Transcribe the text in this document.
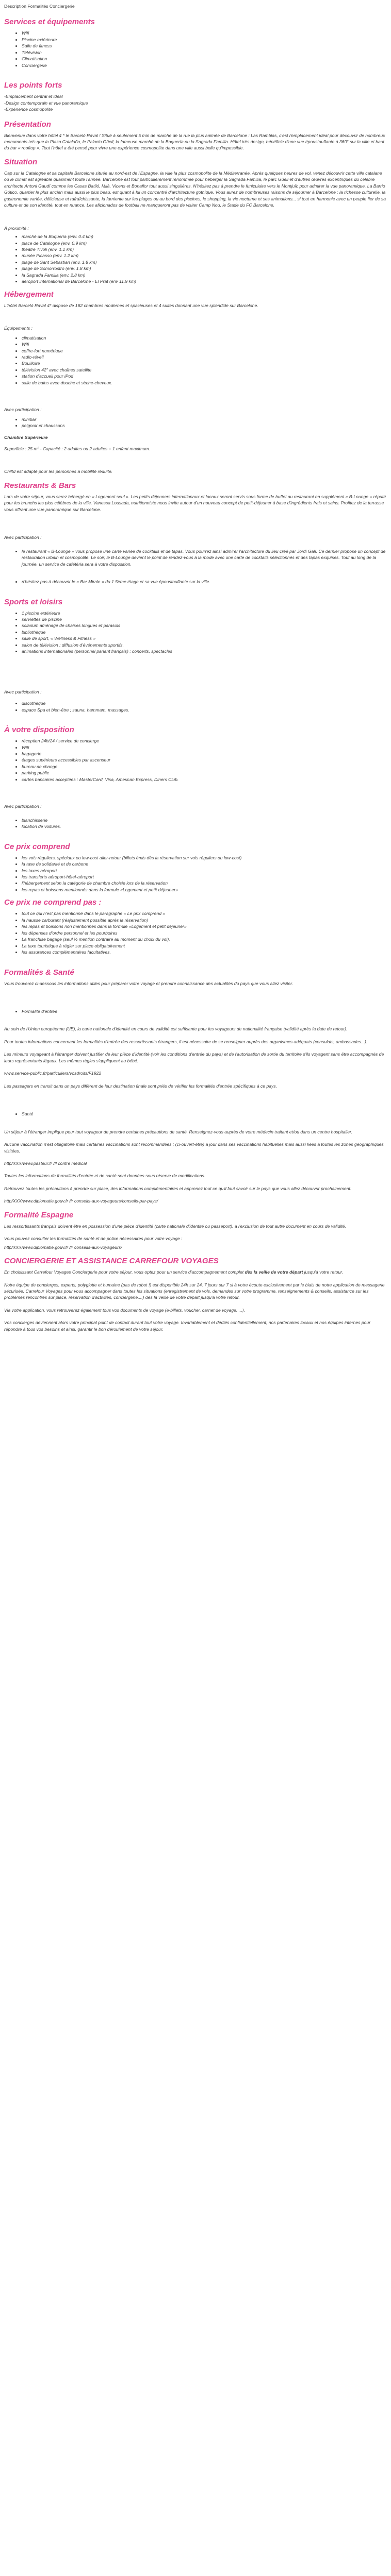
Description Formalités Conciergerie
Services et équipements
• Wifi
• Piscine extérieure
• Salle de fitness
• Télévision
• Climatisation
• Conciergerie
Les points forts
-Emplacement central et idéal
-Design contemporain et vue panoramique
-Expérience cosmopolite
Présentation

Bienvenue dans votre hôtel 4 * le Barceló Raval ! Situé à seulement 5 min de marche de la rue la plus animée de Barcelone : Las Ramblas, c'est l'emplacement idéal pour découvrir de nombreux monuments tels que la Plaza Cataluña, le Palacio Güell, la fameuse marché de la Boquería ou la Sagrada Familia. Hôtel très design, bénéficie d'une vue époustouflante à 360° sur la ville et haut du bar « rooftop ». Tout l'hôtel a été pensé pour vivre une expérience cosmopolite dans une ville aussi belle qu'impossible.

Situation

Cap sur la Catalogne et sa capitale Barcelone située au nord-est de l'Espagne, la ville la plus cosmopolite de la Méditerranée. Après quelques heures de vol, venez découvrir cette ville catalane où le climat est agréable quasiment toute l'année. Barcelone est tout particulièrement renommée pour héberger la Sagrada Familia, le parc Güell et d'autres œuvres excentriques du célèbre architecte Antoni Gaudí comme les Casas Batlló, Milà, Vicens et Bonaflor tout aussi singulières. N'hésitez pas à prendre le funiculaire vers le Montjuïc pour admirer la vue panoramique. La Barrio Gótico, quartier le plus ancien mais aussi le plus beau, est quant à lui un concentré d'architecture gothique. Vous aurez de nombreuses raisons de séjourner à Barcelone : la richesse culturelle, la gastronomie variée, délicieuse et rafraîchissante, la farniente sur les plages ou au bord des piscines, le shopping, la vie nocturne et ses animations... si tout en harmonie avec un peuple fier de sa culture et de son identité, tout en nuance. Les aficionados de football ne manqueront pas de visiter Camp Nou, le Stade du FC Barcelone.

À proximité :

• marché de la Boquería (env. 0.4 km)
• place de Catalogne (env. 0.9 km)
• théâtre Tivoli (env. 1.1 km)
• musée Picasso (env. 1.2 km)
• plage de Sant Sebastian (env. 1.8 km)
• plage de Somorrostro (env. 1.8 km)
• la Sagrada Familia (env. 2.8 km)
• aéroport international de Barcelone - El Prat (env 11.9 km)
Hébergement

L'hôtel Barceló Raval 4* dispose de 182 chambres modernes et spacieuses et 4 suites donnant une vue splendide sur Barcelone.

Équipements :

• climatisation
• Wifi
• coffre-fort numérique
• radio-réveil
• Bouilloire
• télévision 42" avec chaînes satellite
• station d'accueil pour iPod
• salle de bains avec douche et sèche-cheveux.

Avec participation :

• minibar
• peignoir et chaussons
Chambre Supérieure

Superficie : 25 m² - Capacité : 2 adultes ou 2 adultes + 1 enfant maximum.

Chiltd est adapté pour les personnes à mobilité réduite.

Restaurants & Bars

Lors de votre séjour, vous serez hébergé en « Logement seul ». Les petits déjeuners internationaux et locaux seront servis sous forme de buffet au restaurant en supplément « B-Lounge » réputé pour les brunchs les plus célèbres de la ville. Vanessa Lousada, nutritionniste nous invite autour d'un nouveau concept de petit-déjeuner à base d'ingrédients frais et sains. Profitez de la terrasse vous offrant une vue panoramique sur Barcelone.

Avec participation :

• le restaurant « B-Lounge » vous propose une carte variée de cocktails et de tapas. Vous pourrez ainsi admirer l'architecture du lieu créé par Jordi Galí. Ce dernier propose un concept de restauration urbain et cosmopolite. Le soir, le B-Lounge devient le point de rendez-vous à la mode avec une carte de cocktails sélectionnés et des tapas exquises. Tout au long de la journée, un service de cafétéria sera à votre disposition.
• n'hésitez pas à découvrir le « Bar Mirale » du 1 5ème étage et sa vue époustouflante sur la ville.
Sports et loisirs
• 1 piscine extérieure
• serviettes de piscine
• solarium aménagé de chaises longues et parasols
• bibliothèque
• salle de sport, « Wellness & Fitness »
• salon de télévision ; diffusion d'événements sportifs,
• animations internationales (personnel parlant français) ; concerts, spectacles

Avec participation :

• discothèque
• espace Spa et bien-être ; sauna, hammam, massages.
À votre disposition
• réception 24h/24 / service de concierge
• Wifi
• bagagerie
• étages supérieurs accessibles par ascenseur
• bureau de change
• parking public
• cartes bancaires acceptées : MasterCard, Visa, American Express, Diners Club.

Avec participation :

• blanchisserie
• location de voitures.
Ce prix comprend
• les vols réguliers, spéciaux ou low-cost aller-retour (billets émis dès la réservation sur vols réguliers ou low-cost)
• la taxe de solidarité et de carbone
• les taxes aéroport
• les transferts aéroport-hôtel-aéroport
• l'hébergement selon la catégorie de chambre choisie lors de la réservation
• les repas et boissons mentionnés dans la formule «Logement et petit déjeuner»
Ce prix ne comprend pas :
• tout ce qui n'est pas mentionné dans le paragraphe « Le prix comprend »
• la hausse carburant (réajustement possible après la réservation)
• les repas et boissons non mentionnés dans la formule «Logement et petit déjeuner»
• les dépenses d'ordre personnel et les pourboires
• La franchise bagage (seul ½ mention contraire au moment du choix du vol).
• La taxe touristique à régler sur place obligatoirement
• les assurances complémentaires facultatives.
Formalités & Santé

Vous trouverez ci-dessous les informations utiles pour préparer votre voyage et prendre connaissance des actualités du pays que vous allez visiter.

• Formalité d'entrée

Au sein de l'Union européenne (UE), la carte nationale d'identité en cours de validité est suffisante pour les voyageurs de nationalité française (validité après la date de retour).

Pour toutes informations concernant les formalités d'entrée des ressortissants étrangers, il est nécessaire de se renseigner auprès des organismes adéquats (consulats, ambassades...).

Les mineurs voyageant à l'étranger doivent justifier de leur pièce d'identité (voir les conditions d'entrée du pays) et de l'autorisation de sortie du territoire s'ils voyagent sans être accompagnés de leurs représentants légaux. Les mêmes règles s'appliquent au bébé.

www.service-public.fr/particuliers/vosdroits/F1922

Les passagers en transit dans un pays différent de leur destination finale sont priés de vérifier les formalités d'entrée spécifiques à ce pays.

• Santé

Un séjour à l'étranger implique pour tout voyageur de prendre certaines précautions de santé. Renseignez-vous auprès de votre médecin traitant et/ou dans un centre hospitalier.

Aucune vaccination n'est obligatoire mais certaines vaccinations sont recommandées ; (ci-ouvert-être) à jour dans ses vaccinations habituelles mais aussi liées à toutes les zones géographiques visitées.

http/XXX/www.pasteur.fr /Il contre médical

Toutes les informations de formalités d'entrée et de santé sont données sous réserve de modifications.

Retrouvez toutes les précautions à prendre sur place, des informations complémentaires et apprenez tout ce qu'il faut savoir sur le pays que vous allez découvrir prochainement.

http/XXX/www.diplomatie.gouv.fr /lr conseils-aux-voyageurs/conseils-par-pays/

Formalité Espagne

Les ressortissants français doivent être en possession d'une pièce d'identité (carte nationale d'identité ou passeport), à l'exclusion de tout autre document en cours de validité.

Vous pouvez consulter les formalités de santé et de police nécessaires pour votre voyage :

http/XXX/www.diplomatie.gouv.fr /lr conseils-aux-voyageurs/

CONCIERGERIE ET ASSISTANCE CARREFOUR VOYAGES

En choisissant Carrefour Voyages Conciergerie pour votre séjour, vous optez pour un service d'accompagnement complet dès la veille de votre départ jusqu'à votre retour.

Notre équipe de concierges, experts, polyglotte et humaine (pas de robot !) est disponible 24h sur 24, 7 jours sur 7 si à votre écoute exclusivement par le biais de notre application de messagerie sécurisée, Carrefour Voyages pour vous accompagner dans toutes les situations (enregistrement de vols, demandes sur votre programme, renseignements & conseils, assistance sur les problèmes rencontrés sur place, réservation d'activités, conciergerie,...) dès la veille de votre départ jusqu'à votre retour.

Via votre application, vous retrouverez également tous vos documents de voyage (e-billets, voucher, carnet de voyage, ...).

Vos concierges deviennent alors votre principal point de contact durant tout votre voyage. Invariablement et dédiés confidentiellement, nos partenaires locaux et nos équipes internes pour répondre à tous vos besoins et ainsi, garantir le bon déroulement de votre séjour.
